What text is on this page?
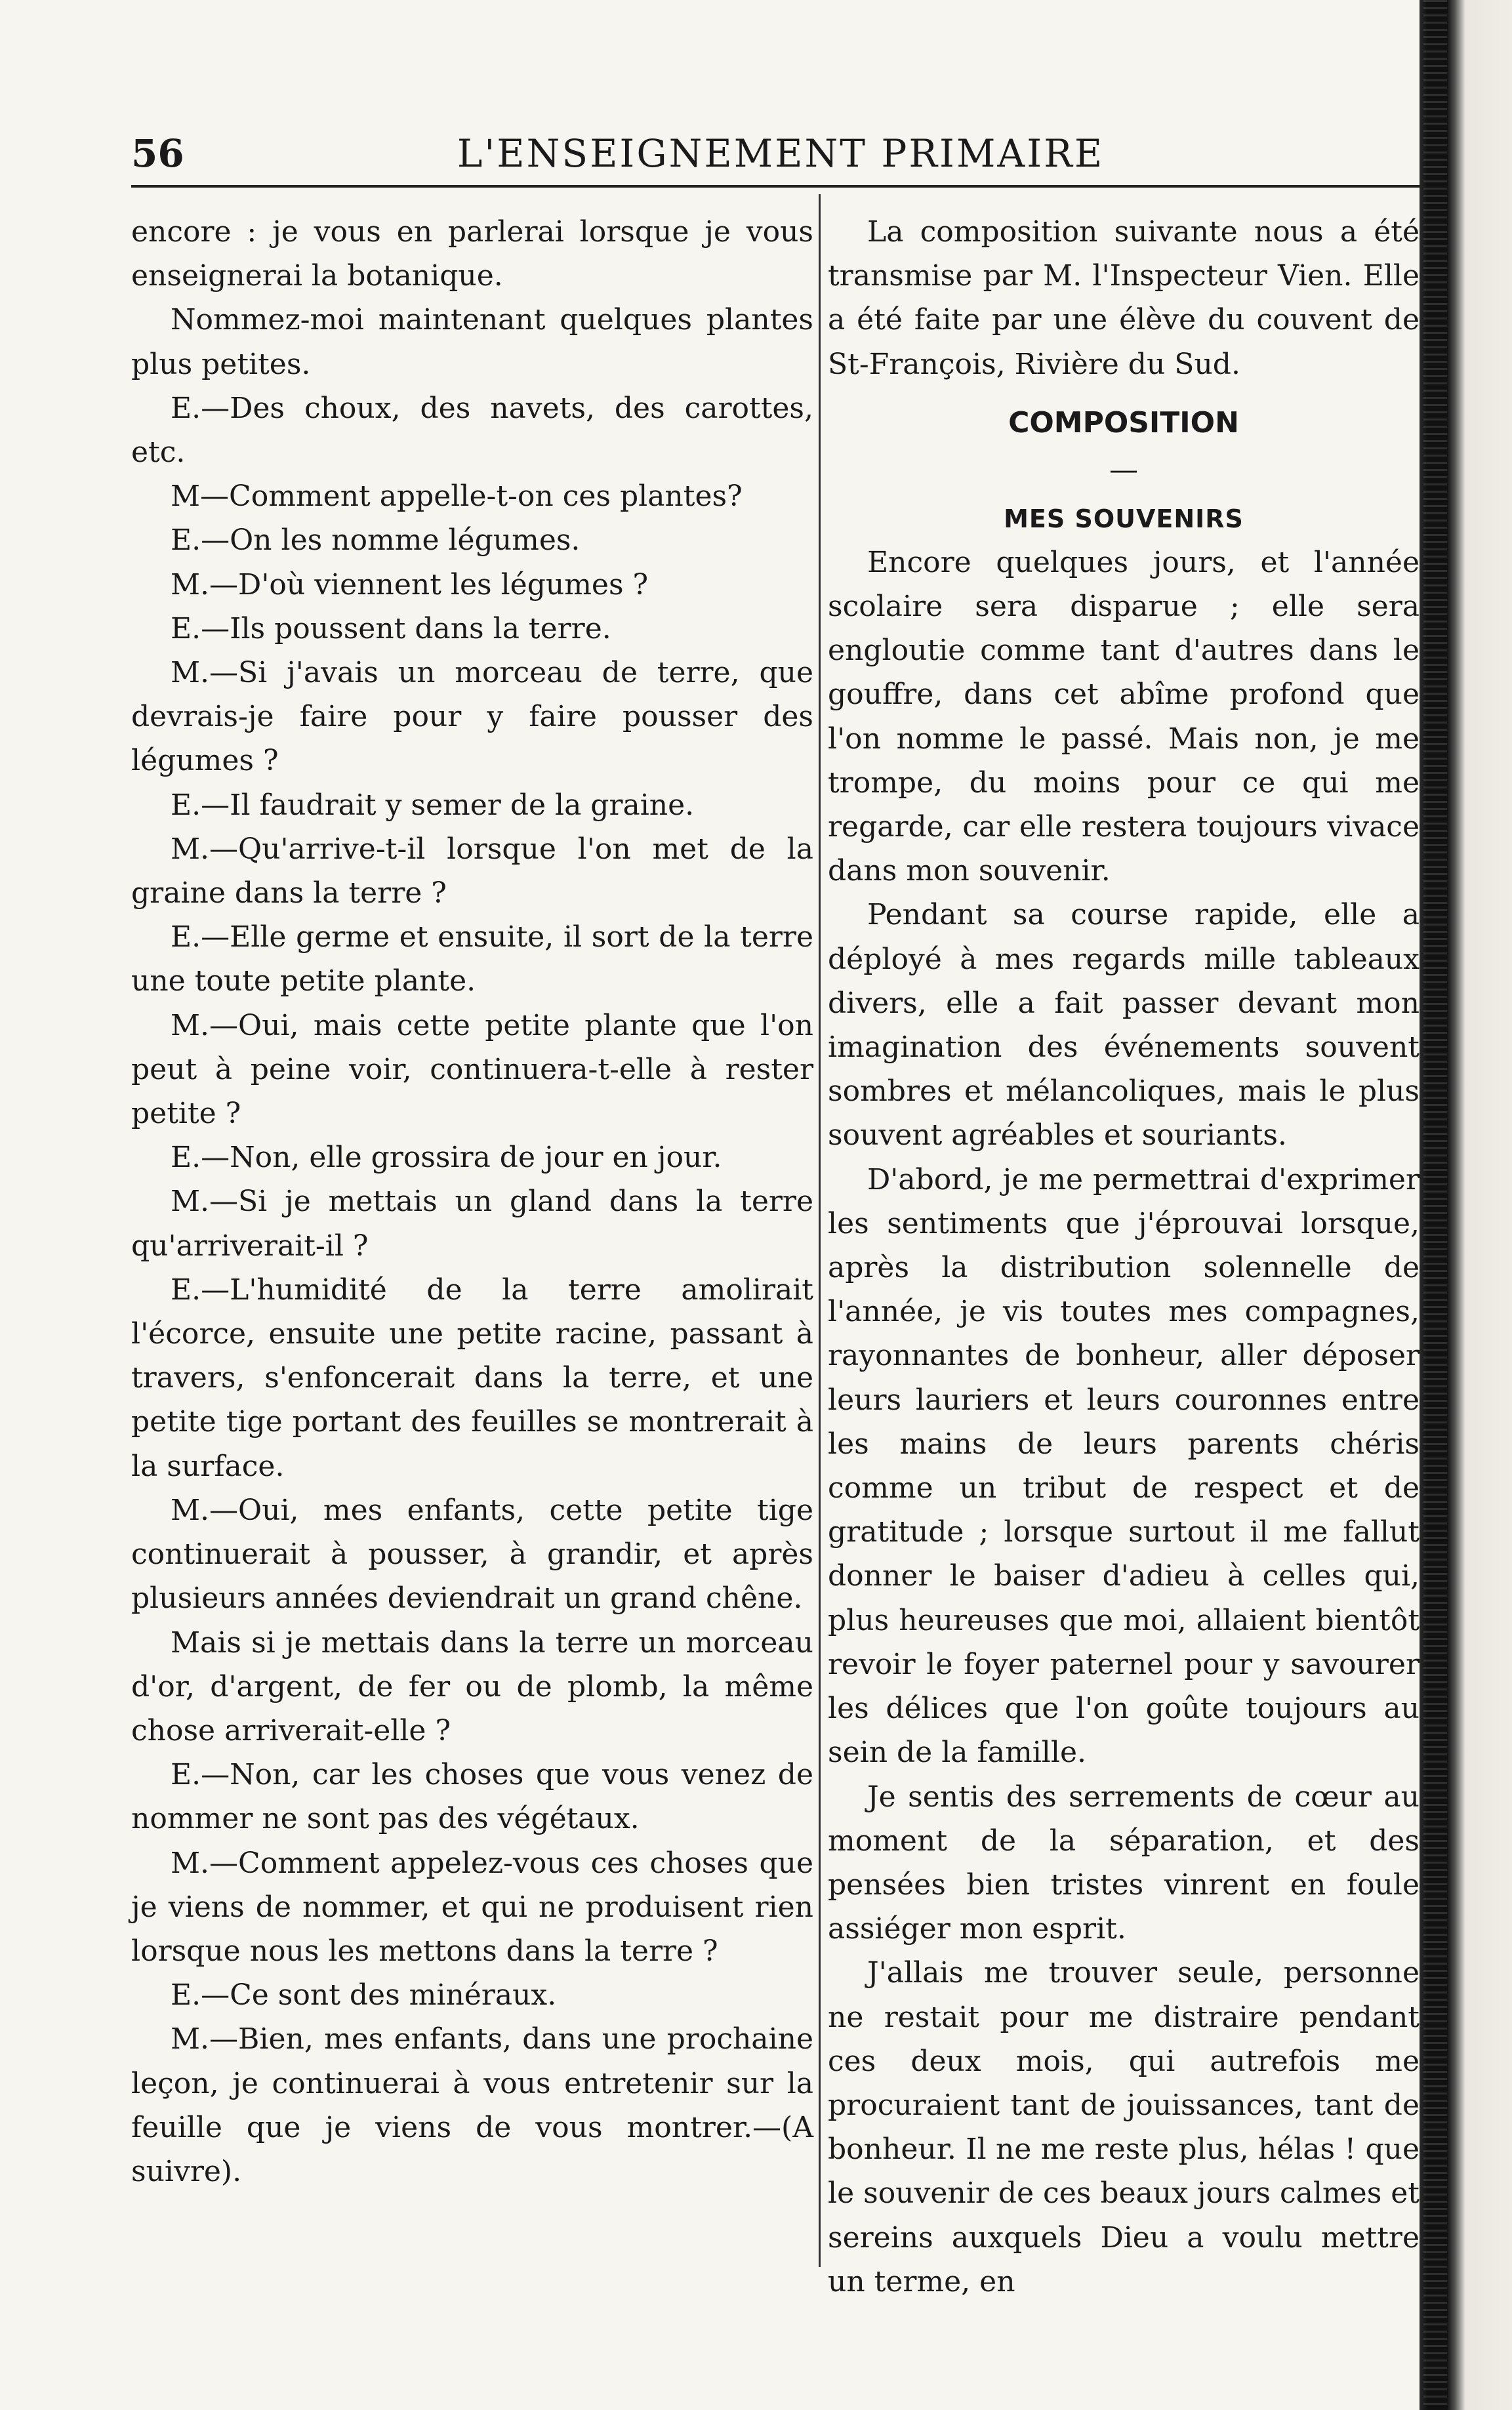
56	L'ENSEIGNEMENT PRIMAIRE

encore : je vous en parlerai lorsque je vous enseignerai la botanique.

Nommez-moi maintenant quelques plantes plus petites.

E.—Des choux, des navets, des carottes, etc.

M—Comment appelle-t-on ces plantes?

E.—On les nomme légumes.

M.—D'où viennent les légumes ?

E.—Ils poussent dans la terre.

M.—Si j'avais un morceau de terre, que devrais-je faire pour y faire pousser des légumes ?

E.—Il faudrait y semer de la graine.

M.—Qu'arrive-t-il lorsque l'on met de la graine dans la terre ?

E.—Elle germe et ensuite, il sort de la terre une toute petite plante.

M.—Oui, mais cette petite plante que l'on peut à peine voir, continuera-t-elle à rester petite ?

E.—Non, elle grossira de jour en jour.

M.—Si je mettais un gland dans la terre qu'arriverait-il ?

E.—L'humidité de la terre amolirait l'écorce, ensuite une petite racine, passant à travers, s'enfoncerait dans la terre, et une petite tige portant des feuilles se montrerait à la surface.

M.—Oui, mes enfants, cette petite tige continuerait à pousser, à grandir, et après plusieurs années deviendrait un grand chêne.

Mais si je mettais dans la terre un morceau d'or, d'argent, de fer ou de plomb, la même chose arriverait-elle ?

E.—Non, car les choses que vous venez de nommer ne sont pas des végétaux.

M.—Comment appelez-vous ces choses que je viens de nommer, et qui ne produisent rien lorsque nous les mettons dans la terre ?

E.—Ce sont des minéraux.

M.—Bien, mes enfants, dans une prochaine leçon, je continuerai à vous entretenir sur la feuille que je viens de vous montrer.—(A suivre).

La composition suivante nous a été transmise par M. l'Inspecteur Vien. Elle a été faite par une élève du couvent de St-François, Rivière du Sud.

COMPOSITION
—
MES SOUVENIRS

Encore quelques jours, et l'année scolaire sera disparue ; elle sera engloutie comme tant d'autres dans le gouffre, dans cet abîme profond que l'on nomme le passé. Mais non, je me trompe, du moins pour ce qui me regarde, car elle restera toujours vivace dans mon souvenir.

Pendant sa course rapide, elle a déployé à mes regards mille tableaux divers, elle a fait passer devant mon imagination des événements souvent sombres et mélancoliques, mais le plus souvent agréables et souriants.

D'abord, je me permettrai d'exprimer les sentiments que j'éprouvai lorsque, après la distribution solennelle de l'année, je vis toutes mes compagnes, rayonnantes de bonheur, aller déposer leurs lauriers et leurs couronnes entre les mains de leurs parents chéris comme un tribut de respect et de gratitude ; lorsque surtout il me fallut donner le baiser d'adieu à celles qui, plus heureuses que moi, allaient bientôt revoir le foyer paternel pour y savourer les délices que l'on goûte toujours au sein de la famille.

Je sentis des serrements de cœur au moment de la séparation, et des pensées bien tristes vinrent en foule assiéger mon esprit.

J'allais me trouver seule, personne ne restait pour me distraire pendant ces deux mois, qui autrefois me procuraient tant de jouissances, tant de bonheur. Il ne me reste plus, hélas ! que le souvenir de ces beaux jours calmes et sereins auxquels Dieu a voulu mettre un terme, en
